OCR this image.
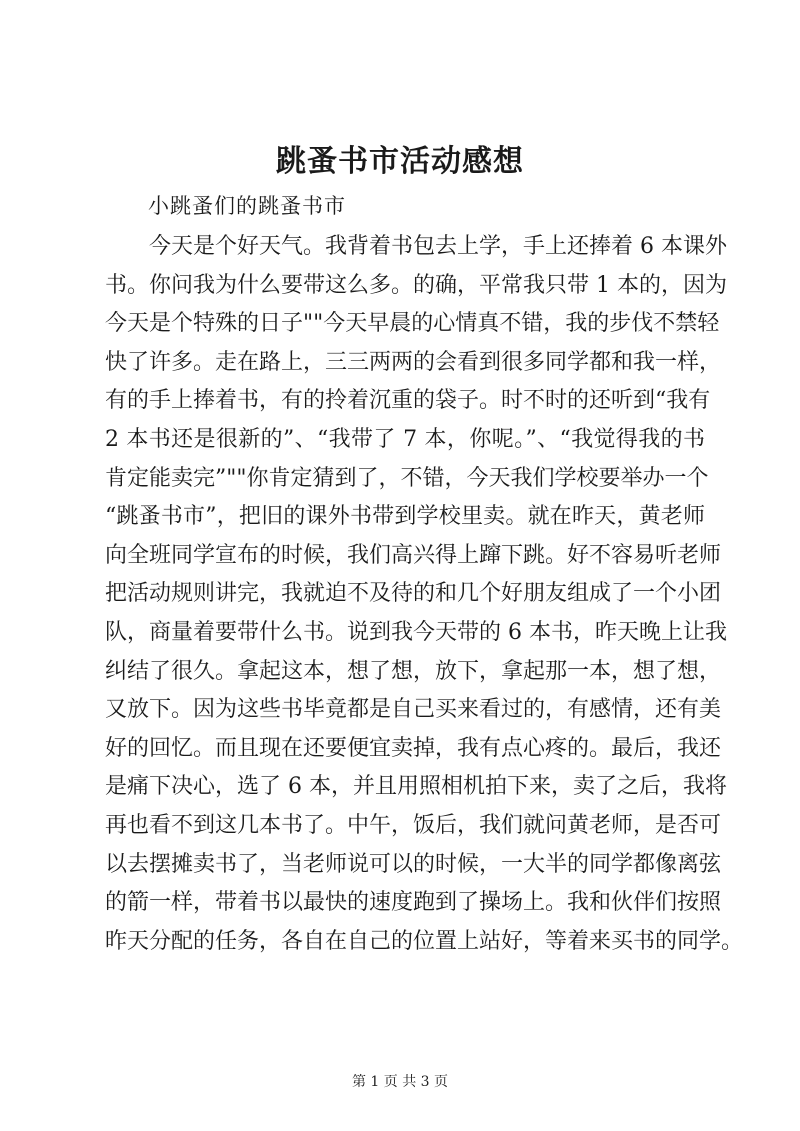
跳蚤书市活动感想
小跳蚤们的跳蚤书市
　　今天是个好天气。我背着书包去上学，手上还捧着 6 本课外
书。你问我为什么要带这么多。的确，平常我只带 1 本的，因为
今天是个特殊的日子""今天早晨的心情真不错，我的步伐不禁轻
快了许多。走在路上，三三两两的会看到很多同学都和我一样，
有的手上捧着书，有的拎着沉重的袋子。时不时的还听到“我有
2 本书还是很新的”、“我带了 7 本，你呢。”、“我觉得我的书
肯定能卖完”""你肯定猜到了，不错，今天我们学校要举办一个
“跳蚤书市”，把旧的课外书带到学校里卖。就在昨天，黄老师
向全班同学宣布的时候，我们高兴得上蹿下跳。好不容易听老师
把活动规则讲完，我就迫不及待的和几个好朋友组成了一个小团
队，商量着要带什么书。说到我今天带的 6 本书，昨天晚上让我
纠结了很久。拿起这本，想了想，放下，拿起那一本，想了想，
又放下。因为这些书毕竟都是自己买来看过的，有感情，还有美
好的回忆。而且现在还要便宜卖掉，我有点心疼的。最后，我还
是痛下决心，选了 6 本，并且用照相机拍下来，卖了之后，我将
再也看不到这几本书了。中午，饭后，我们就问黄老师，是否可
以去摆摊卖书了，当老师说可以的时候，一大半的同学都像离弦
的箭一样，带着书以最快的速度跑到了操场上。我和伙伴们按照
昨天分配的任务，各自在自己的位置上站好，等着来买书的同学。
第 1 页 共 3 页
